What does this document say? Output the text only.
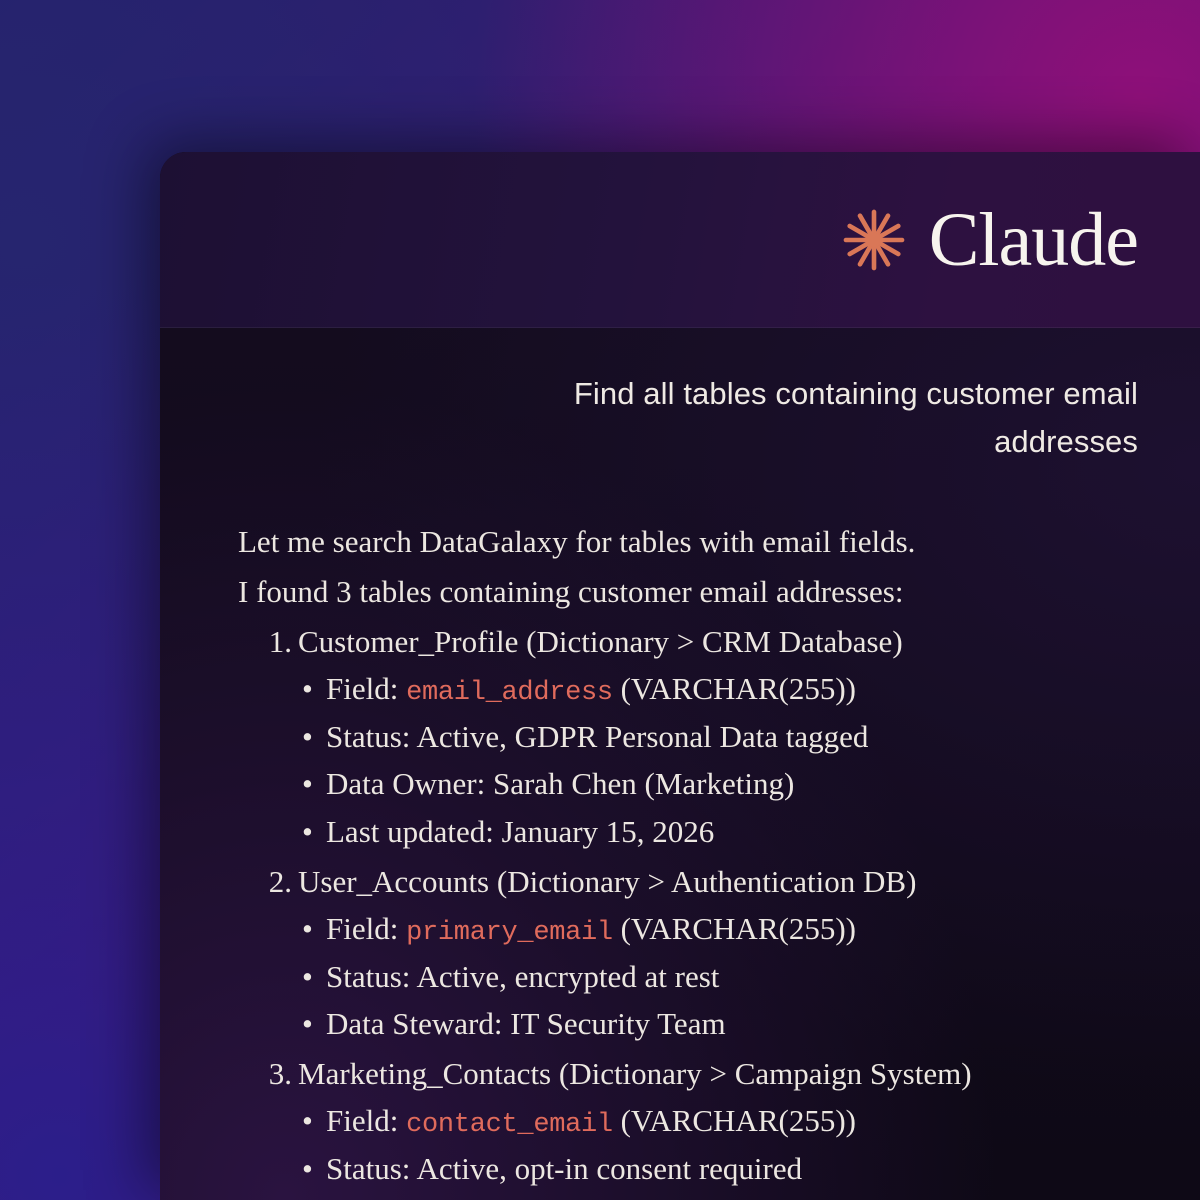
Claude
Find all tables containing customer email addresses

Let me search DataGalaxy for tables with email fields.

I found 3 tables containing customer email addresses:

1. Customer_Profile (Dictionary > CRM Database)
• Field: email_address (VARCHAR(255))
• Status: Active, GDPR Personal Data tagged
• Data Owner: Sarah Chen (Marketing)
• Last updated: January 15, 2026
2. User_Accounts (Dictionary > Authentication DB)
• Field: primary_email (VARCHAR(255))
• Status: Active, encrypted at rest
• Data Steward: IT Security Team
3. Marketing_Contacts (Dictionary > Campaign System)
• Field: contact_email (VARCHAR(255))
• Status: Active, opt-in consent required
